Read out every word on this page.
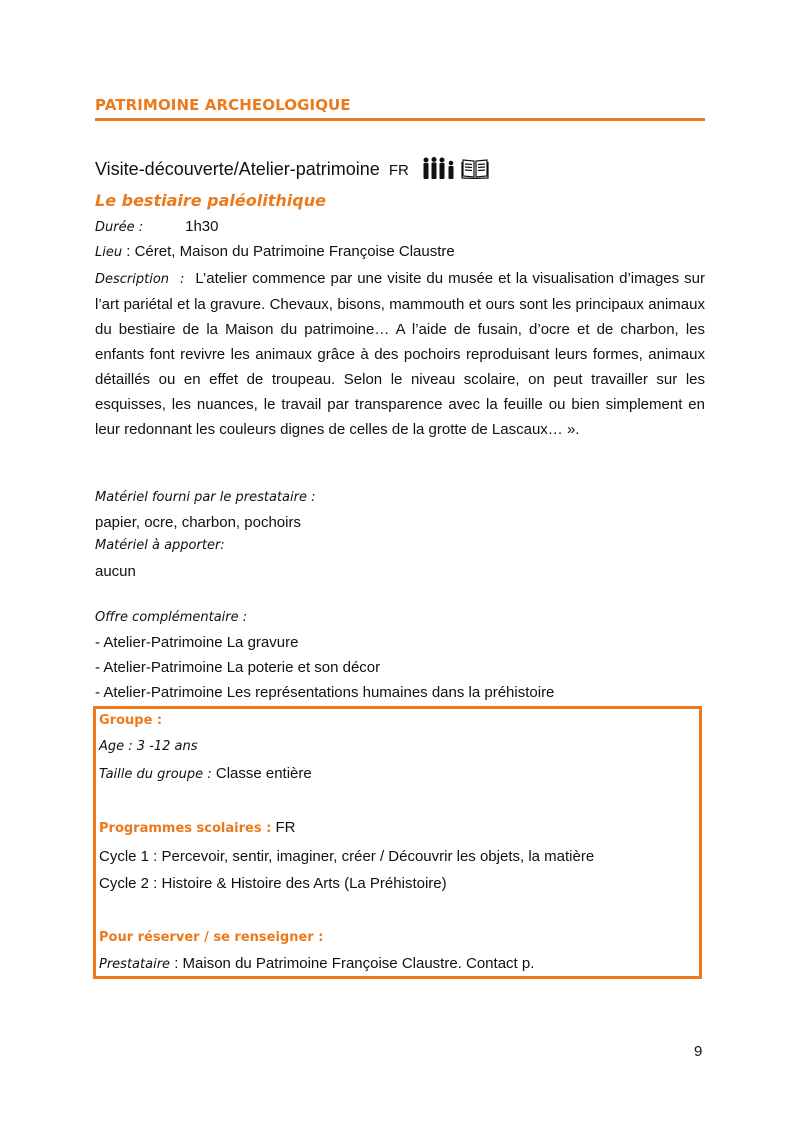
PATRIMOINE ARCHEOLOGIQUE
Visite-découverte/Atelier-patrimoine FR
Le bestiaire paléolithique
Durée :	1h30
Lieu : Céret, Maison du Patrimoine Françoise Claustre
Description : L’atelier commence par une visite du musée et la visualisation d’images sur l’art pariétal et la gravure. Chevaux, bisons, mammouth et ours sont les principaux animaux du bestiaire de la Maison du patrimoine… A l’aide de fusain, d’ocre et de charbon, les enfants font revivre les animaux grâce à des pochoirs reproduisant leurs formes, animaux détaillés ou en effet de troupeau. Selon le niveau scolaire, on peut travailler sur les esquisses, les nuances, le travail par transparence avec la feuille ou bien simplement en leur redonnant les couleurs dignes de celles de la grotte de Lascaux… ».
Matériel fourni par le prestataire :
papier, ocre, charbon, pochoirs
Matériel à apporter:
aucun
Offre complémentaire :
- Atelier-Patrimoine La gravure
- Atelier-Patrimoine La poterie et son décor
- Atelier-Patrimoine Les représentations humaines dans la préhistoire
Groupe :
Age : 3 -12 ans
Taille du groupe : Classe entière
Programmes scolaires : FR
Cycle 1 : Percevoir, sentir, imaginer, créer / Découvrir les objets, la matière
Cycle 2 : Histoire & Histoire des Arts (La Préhistoire)
Pour réserver / se renseigner :
Prestataire : Maison du Patrimoine Françoise Claustre. Contact p.
9
